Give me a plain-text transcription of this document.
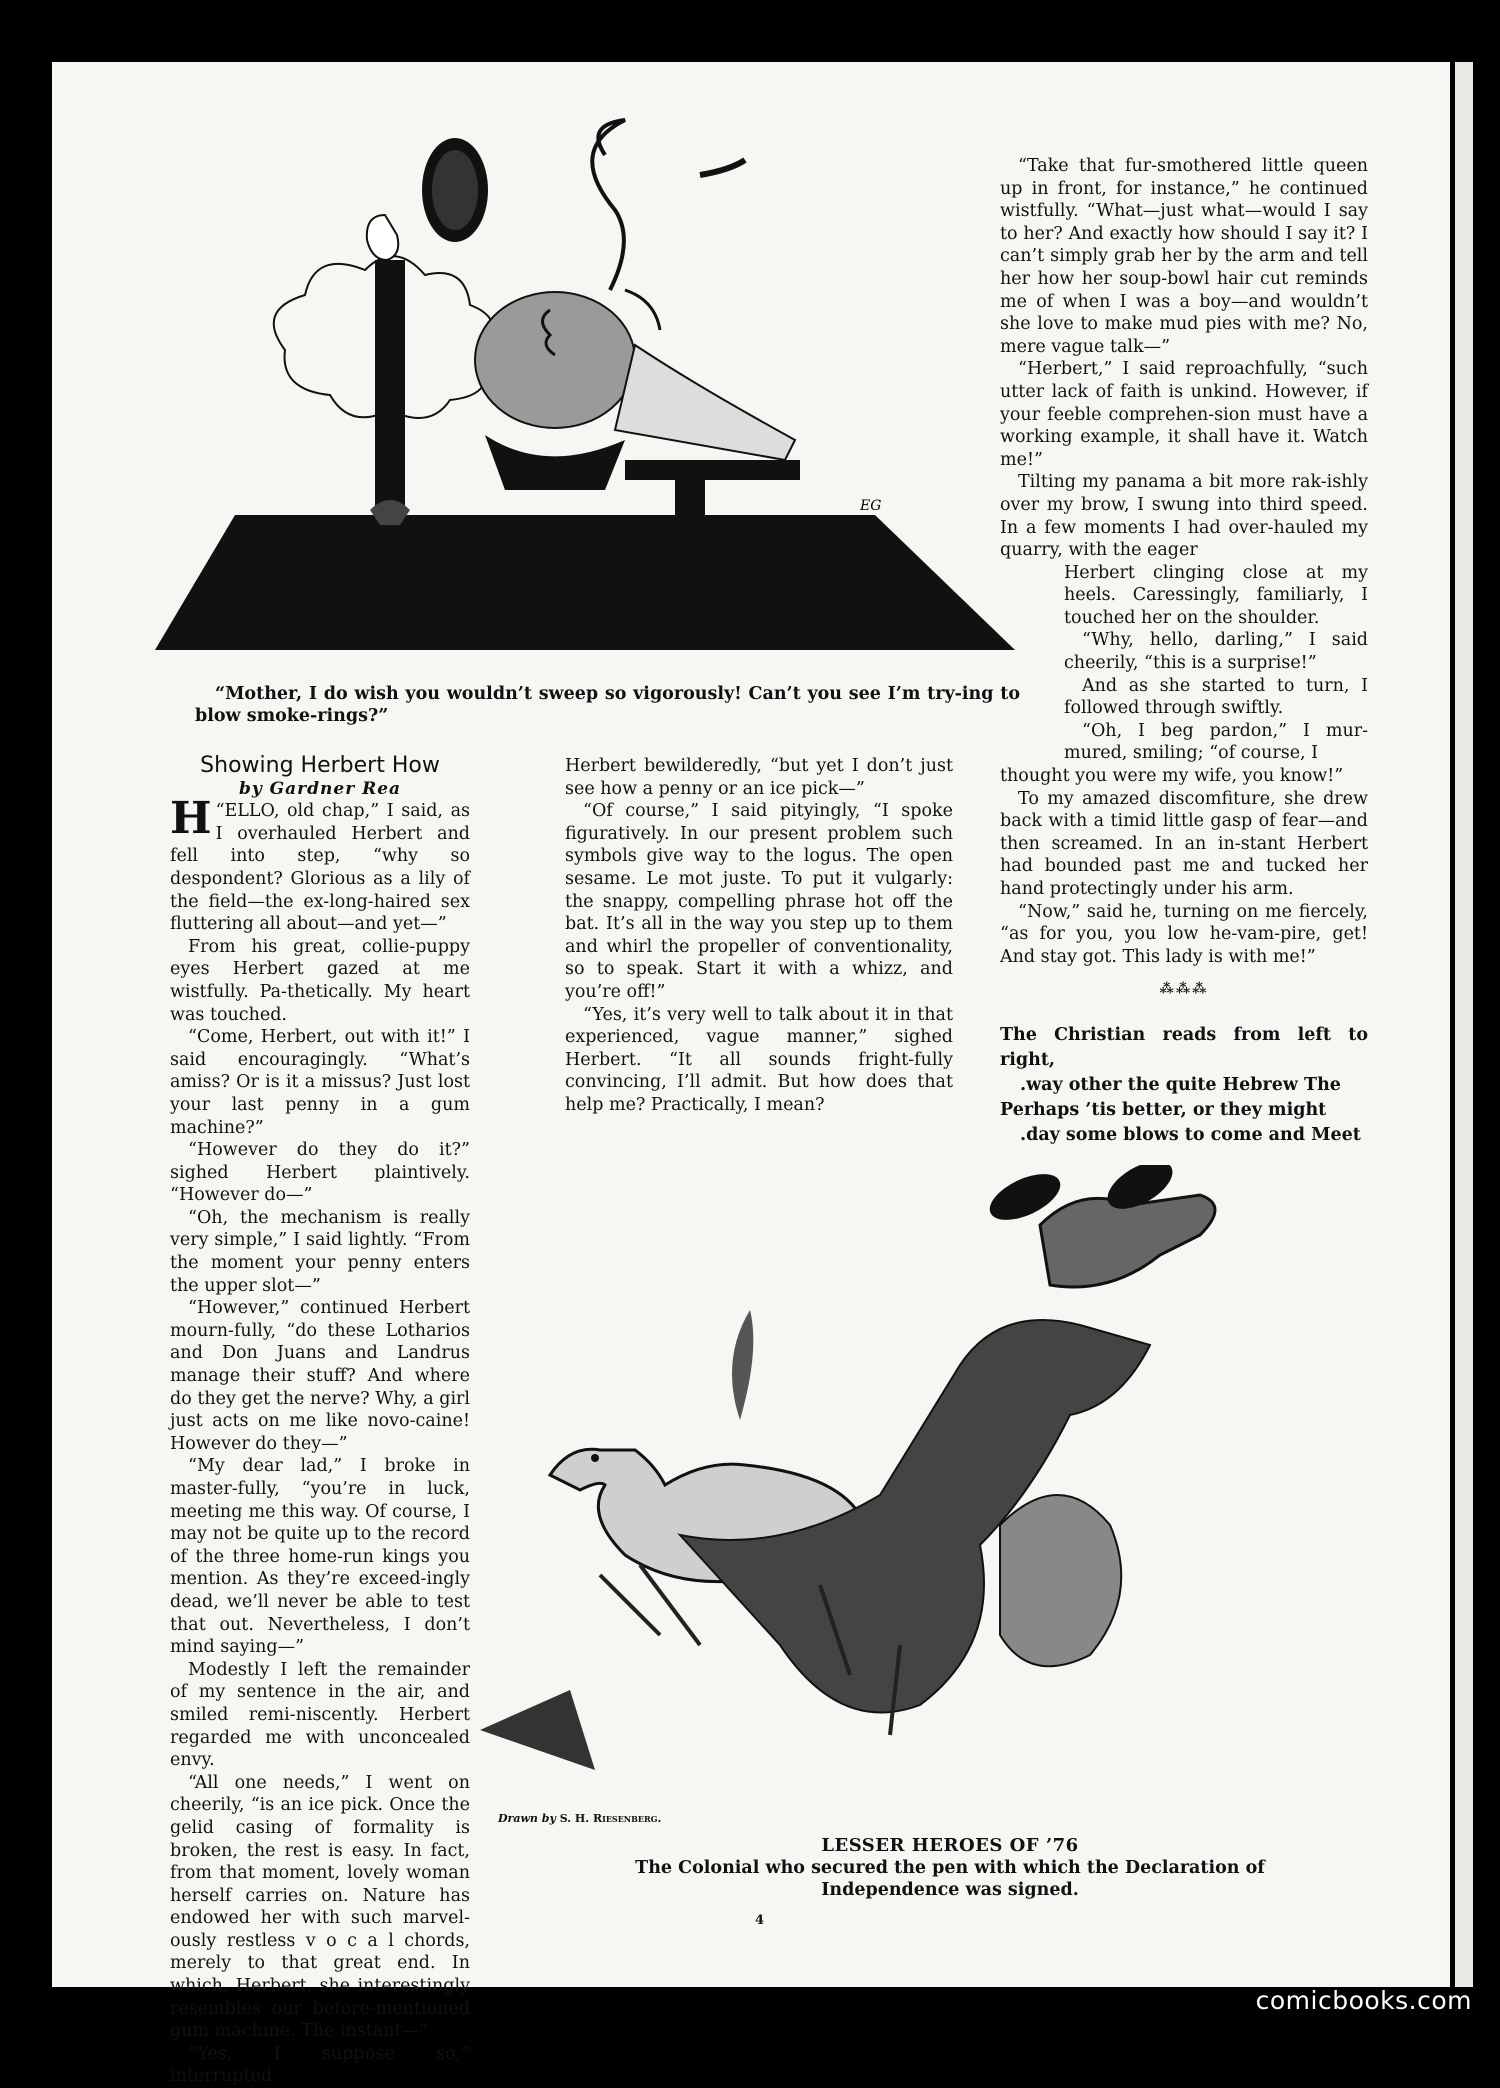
EG
“Mother, I do wish you wouldn’t sweep so vigorously! Can’t you see I’m try-ing to blow smoke-rings?”

Showing Herbert How

by Gardner Rea

H “ELLO, old chap,” I said, as I overhauled Herbert and fell into step, “why so despondent? Glorious as a lily of the field—the ex-long-haired sex fluttering all about—and yet—”

From his great, collie-puppy eyes Herbert gazed at me wistfully. Pa-thetically. My heart was touched.

“Come, Herbert, out with it!” I said encouragingly. “What’s amiss? Or is it a missus? Just lost your last penny in a gum machine?”

“However do they do it?” sighed Herbert plaintively. “However do—”

“Oh, the mechanism is really very simple,” I said lightly. “From the moment your penny enters the upper slot—”

“However,” continued Herbert mourn-fully, “do these Lotharios and Don Juans and Landrus manage their stuff? And where do they get the nerve? Why, a girl just acts on me like novo-caine! However do they—”

“My dear lad,” I broke in master-fully, “you’re in luck, meeting me this way. Of course, I may not be quite up to the record of the three home-run kings you mention. As they’re exceed-ingly dead, we’ll never be able to test that out. Nevertheless, I don’t mind saying—”

Modestly I left the remainder of my sentence in the air, and smiled remi-niscently. Herbert regarded me with unconcealed envy.

“All one needs,” I went on cheerily, “is an ice pick. Once the gelid casing of formality is broken, the rest is easy. In fact, from that moment, lovely woman herself carries on. Nature has endowed her with such marvel-ously restless v o c a l chords, merely to that great end. In which, Herbert, she interestingly resembles our before-mentioned gum machine. The instant—”

“Yes, I suppose so,” interrupted

Herbert bewilderedly, “but yet I don’t just see how a penny or an ice pick—”

“Of course,” I said pityingly, “I spoke figuratively. In our present problem such symbols give way to the logus. The open sesame. Le mot juste. To put it vulgarly: the snappy, compelling phrase hot off the bat. It’s all in the way you step up to them and whirl the propeller of conventionality, so to speak. Start it with a whizz, and you’re off!”

“Yes, it’s very well to talk about it in that experienced, vague manner,” sighed Herbert. “It all sounds fright-fully convincing, I’ll admit. But how does that help me? Practically, I mean?

“Take that fur-smothered little queen up in front, for instance,” he continued wistfully. “What—just what—would I say to her? And exactly how should I say it? I can’t simply grab her by the arm and tell her how her soup-bowl hair cut reminds me of when I was a boy—and wouldn’t she love to make mud pies with me? No, mere vague talk—”

“Herbert,” I said reproachfully, “such utter lack of faith is unkind. However, if your feeble comprehen-sion must have a working example, it shall have it. Watch me!”

Tilting my panama a bit more rak-ishly over my brow, I swung into third speed. In a few moments I had over-hauled my quarry, with the eager

Herbert clinging close at my heels. Caressingly, familiarly, I touched her on the shoulder.

“Why, hello, darling,” I said cheerily, “this is a surprise!”

And as she started to turn, I followed through swiftly.

“Oh, I beg pardon,” I mur-mured, smiling; “of course, I

thought you were my wife, you know!”

To my amazed discomfiture, she drew back with a timid little gasp of fear—and then screamed. In an in-stant Herbert had bounded past me and tucked her hand protectingly under his arm.

“Now,” said he, turning on me fiercely, “as for you, you low he-vam-pire, get! And stay got. This lady is with me!”

⁂⁂⁂

The Christian reads from left to right,

.way other the quite Hebrew The

Perhaps ’tis better, or they might

.day some blows to come and Meet

Drawn by S. H. Riesenberg.
LESSER HEROES OF ’76
The Colonial who secured the pen with which the Declaration of Independence was signed.
4
comicbooks.com
